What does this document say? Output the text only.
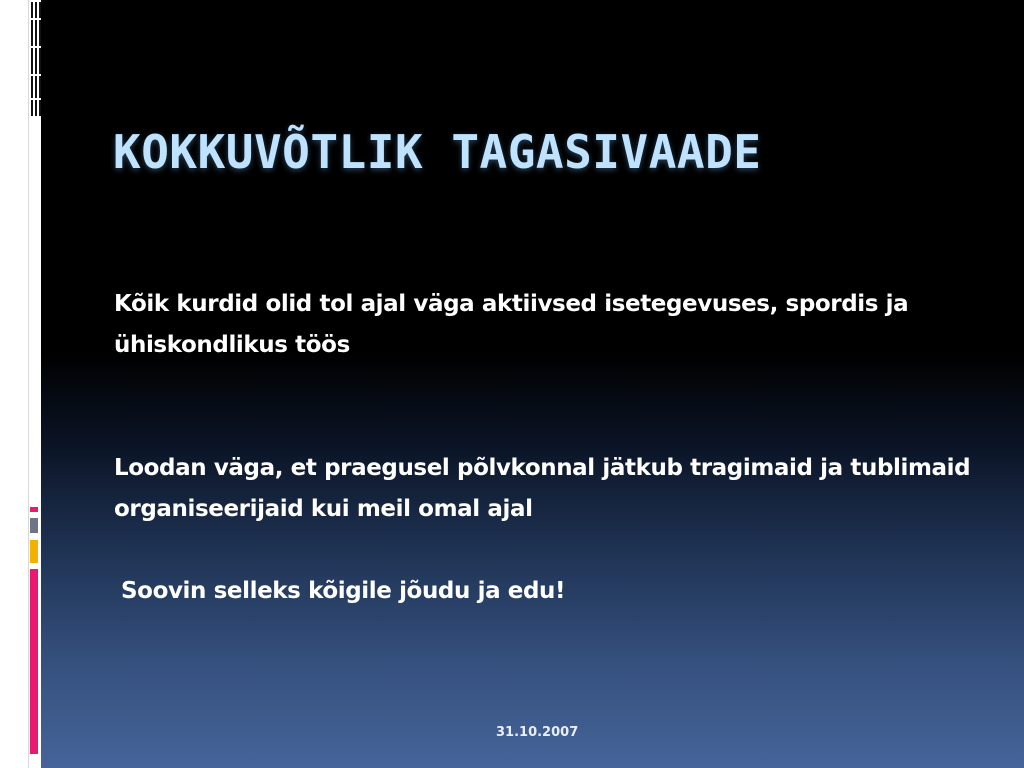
KOKKUVÕTLIK TAGASIVAADE

Kõik kurdid olid tol ajal väga aktiivsed isetegevuses, spordis ja ühiskondlikus töös

Loodan väga, et praegusel põlvkonnal jätkub tragimaid ja tublimaid organiseerijaid kui meil omal ajal

Soovin selleks kõigile jõudu ja edu!

31.10.2007
